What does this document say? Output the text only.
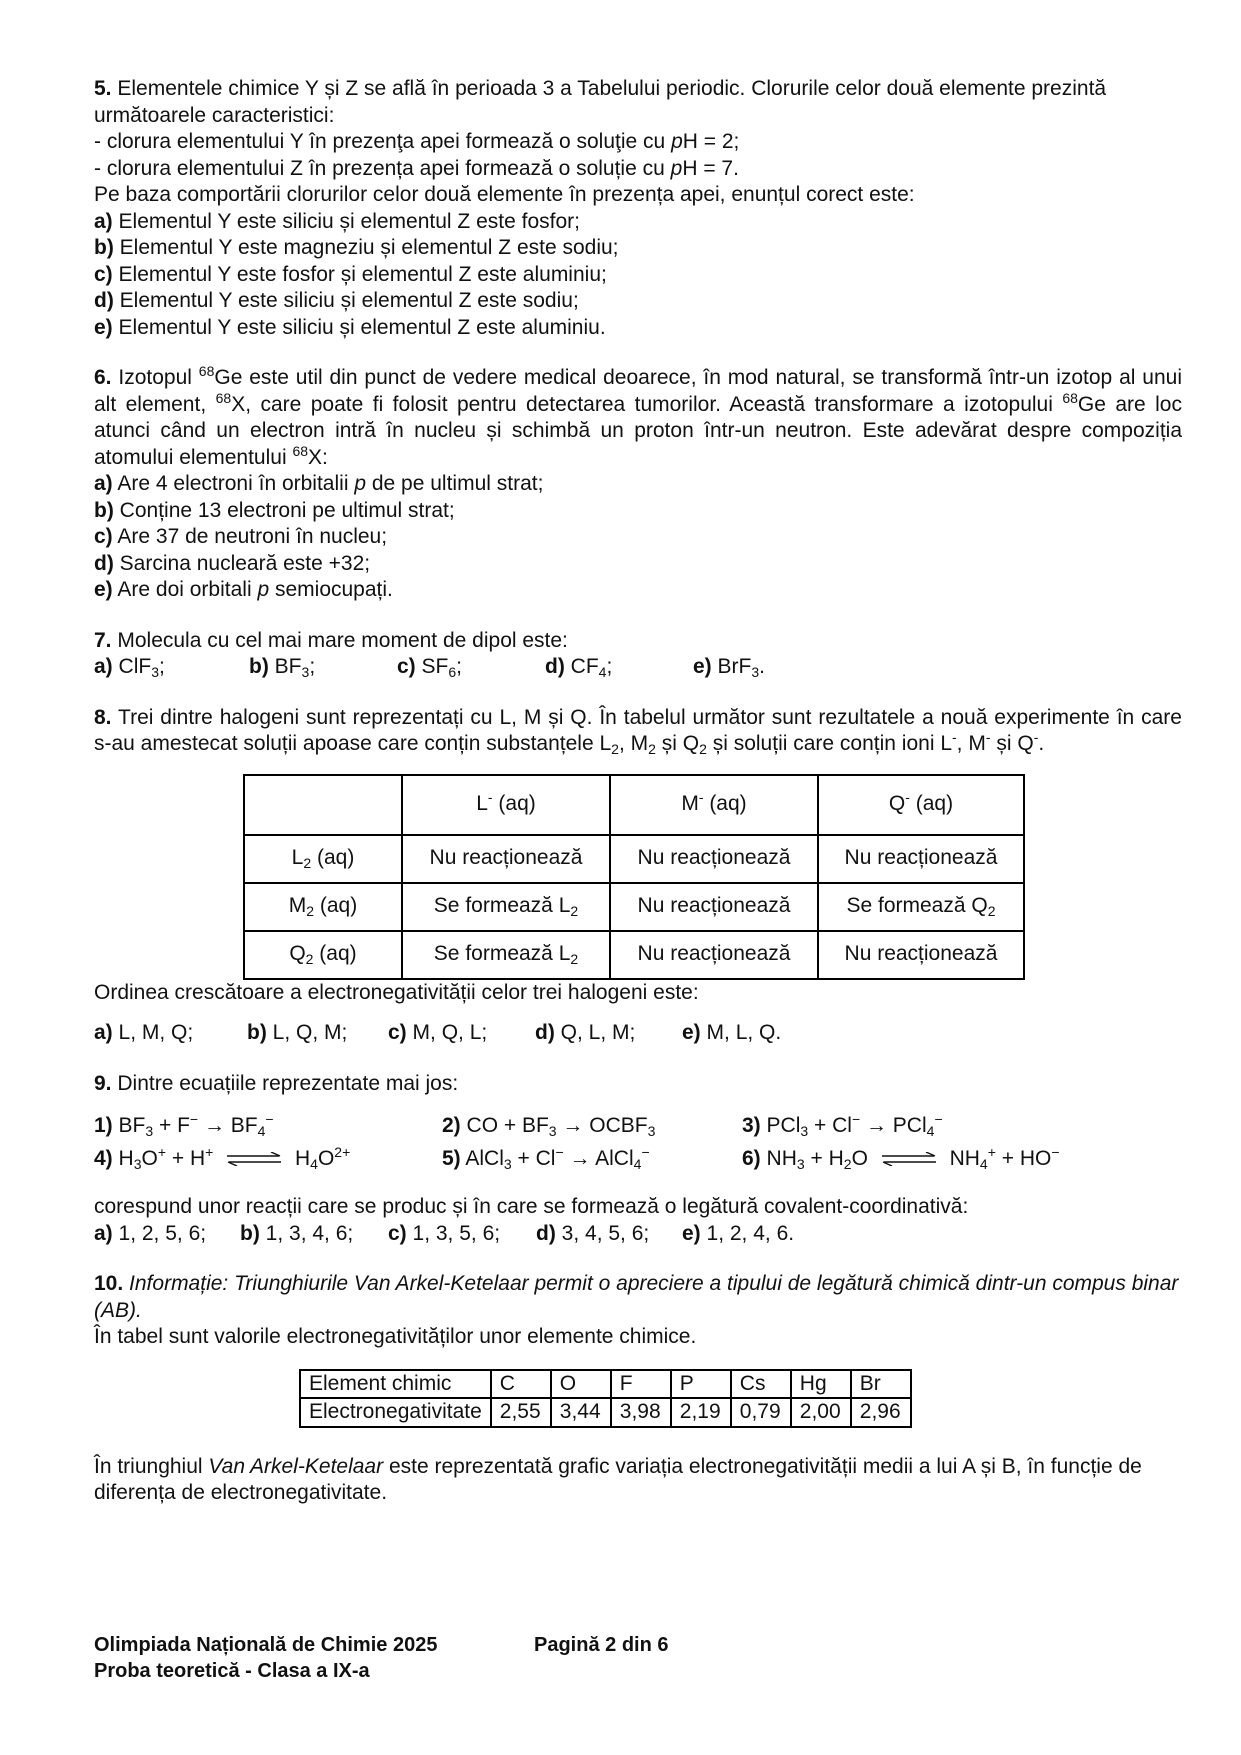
5. Elementele chimice Y și Z se află în perioada 3 a Tabelului periodic. Clorurile celor două elemente prezintă următoarele caracteristici:

- clorura elementului Y în prezenţa apei formează o soluţie cu pH = 2;

- clorura elementului Z în prezența apei formează o soluție cu pH = 7.

Pe baza comportării clorurilor celor două elemente în prezența apei, enunțul corect este:

a) Elementul Y este siliciu și elementul Z este fosfor;

b) Elementul Y este magneziu și elementul Z este sodiu;

c) Elementul Y este fosfor și elementul Z este aluminiu;

d) Elementul Y este siliciu și elementul Z este sodiu;

e) Elementul Y este siliciu și elementul Z este aluminiu.

6. Izotopul $^{68}$Ge este util din punct de vedere medical deoarece, în mod natural, se transformă într-un izotop al unui alt element, $^{68}$X, care poate fi folosit pentru detectarea tumorilor. Această transformare a izotopului $^{68}$Ge are loc atunci când un electron intră în nucleu și schimbă un proton într-un neutron. Este adevărat despre compoziția atomului elementului $^{68}$X:

a) Are 4 electroni în orbitalii p de pe ultimul strat;

b) Conține 13 electroni pe ultimul strat;

c) Are 37 de neutroni în nucleu;

d) Sarcina nucleară este +32;

e) Are doi orbitali p semiocupați.

7. Molecula cu cel mai mare moment de dipol este:

a) ClF$_3$;	b) $BF_3$;	c) $SF_6$;	d) $CF_4$;	e) BrF$_3$.

8. Trei dintre halogeni sunt reprezentați cu L, M și Q. În tabelul următor sunt rezultatele a nouă experimente în care s-au amestecat soluții apoase care conțin substanțele $L_2$, $M_2$ și $Q_2$ și soluții care conțin ioni L-, M- și Q-.

	L- (aq)	M- (aq)	Q- (aq)
$L_2$ (aq)	Nu reacționează	Nu reacționează	Nu reacționează
$M_2$ (aq)	Se formează $L_2$	Nu reacționează	Se formează $Q_2$
$Q_2$ (aq)	Se formează $L_2$	Nu reacționează	Nu reacționează

Ordinea crescătoare a electronegativității celor trei halogeni este:

a) L, M, Q;	b) L, Q, M;	c) M, Q, L;	d) Q, L, M;	e) M, L, Q.

9. Dintre ecuațiile reprezentate mai jos:

1) $BF_3 + F^- \to BF_4^-$	2) CO + $BF_3$ → $OCBF_3$	3) PCl$_3$ + Cl− → PCl$_4$−
4) $H_3O^+ + H^+$ ⇌ $H_4O^{2+}$	5) AlCl$_3$ + Cl− → AlCl$_4$−	6) $NH_3 + H_2O$ ⇌ $NH_4^+ + HO^-$

corespund unor reacții care se produc și în care se formează o legătură covalent-coordinativă:

a) 1, 2, 5, 6;	b) 1, 3, 4, 6;	c) 1, 3, 5, 6;	d) 3, 4, 5, 6;	e) 1, 2, 4, 6.

10. Informație: Triunghiurile Van Arkel-Ketelaar permit o apreciere a tipului de legătură chimică dintr-un compus binar (AB).

În tabel sunt valorile electronegativităților unor elemente chimice.

Element chimic	C	O	F	P	Cs	Hg	Br
Electronegativitate	2,55	3,44	3,98	2,19	0,79	2,00	2,96

În triunghiul Van Arkel-Ketelaar este reprezentată grafic variația electronegativității medii a lui A și B, în funcție de diferența de electronegativitate.

Olimpiada Națională de Chimie 2025
Proba teoretică - Clasa a IX-a
Pagină 2 din 6
